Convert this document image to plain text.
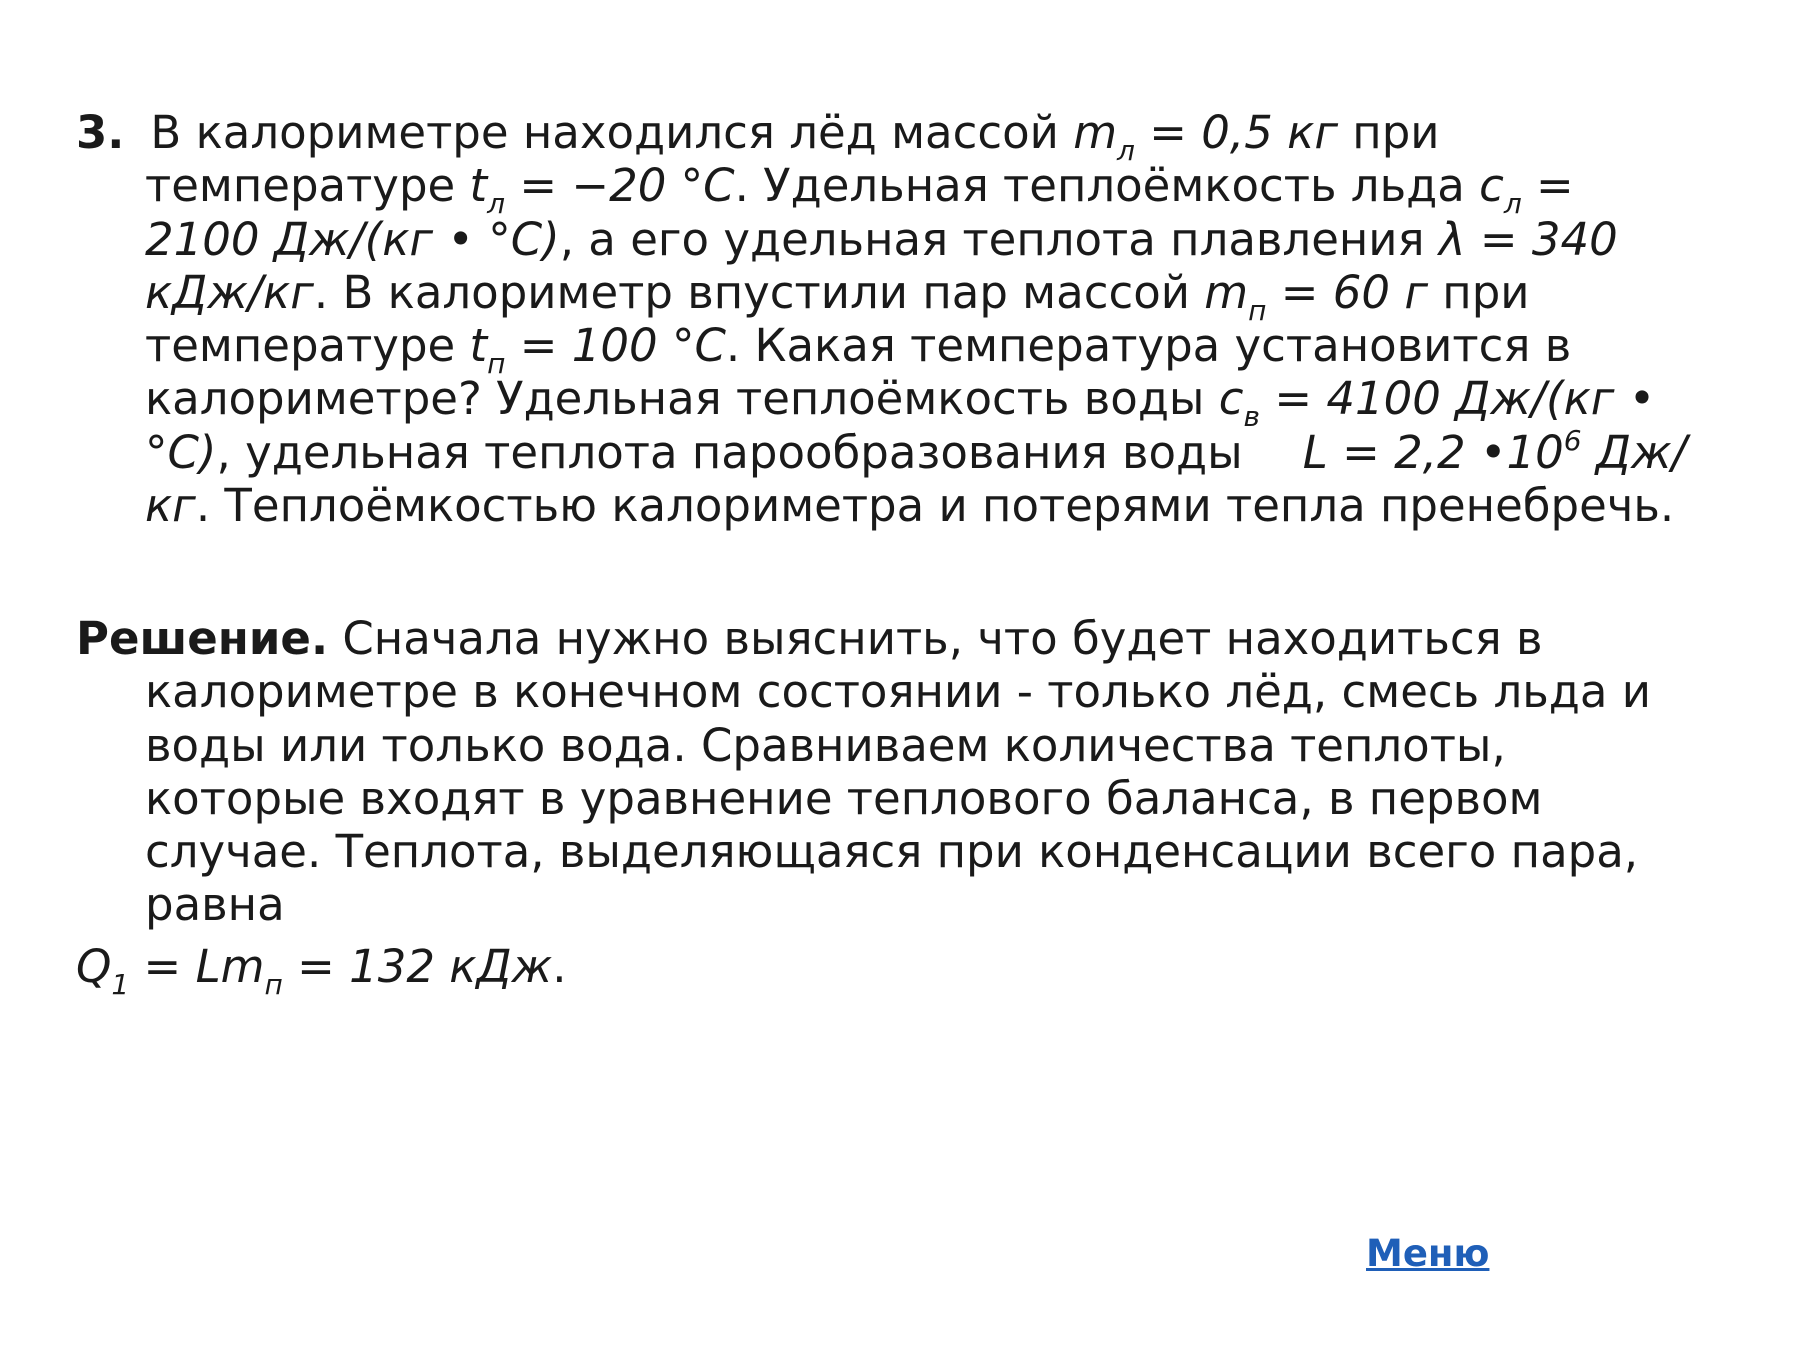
3. В калориметре находился лёд массой $m_л = 0,5$ кг при температуре $t_л = -20$ °С. Удельная теплоёмкость льда $с_л = 2100$ Дж/(кг • °С), а его удельная теплота плавления λ = 340 кДж/кг. В калориметр впустили пар массой $m_п = 60$ г при температуре $t_п = 100$ °С. Какая температура установится в калориметре? Удельная теплоёмкость воды $с_в = 4100$ Дж/(кг • °С), удельная теплота парообразования воды L = 2,2 $•10^6$ Дж/кг. Теплоёмкостью калориметра и потерями тепла пренебречь.
Решение. Сначала нужно выяснить, что будет находиться в калориметре в конечном состоянии - только лёд, смесь льда и воды или только вода. Сравниваем количества теплоты, которые входят в уравнение теплового баланса, в первом случае. Теплота, выделяющаяся при конденсации всего пара, равна
$Q_1 = Lm_п = 132$ кДж.
Меню
